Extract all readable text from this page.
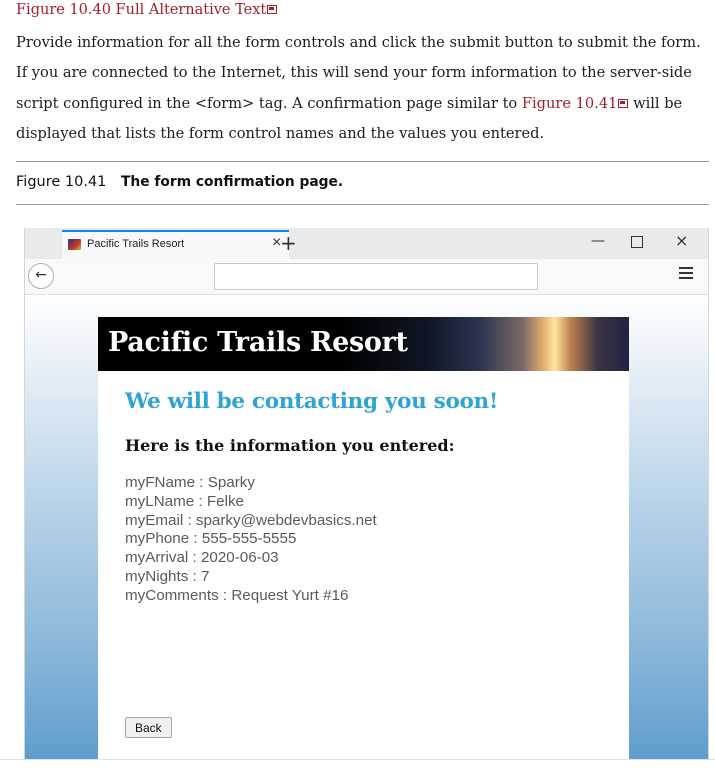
Figure 10.40 Full Alternative Text

Provide information for all the form controls and click the submit button to submit the form. If you are connected to the Internet, this will send your form information to the server-side script configured in the <form> tag. A confirmation page similar to Figure 10.41 will be displayed that lists the form control names and the values you entered.

Figure 10.41 The form confirmation page.
Pacific Trails Resort	×
+	—	×
←
Pacific Trails Resort
We will be contacting you soon!
Here is the information you entered:
myFName : Sparky
myLName : Felke
myEmail : sparky@webdevbasics.net
myPhone : 555-555-5555
myArrival : 2020-06-03
myNights : 7
myComments : Request Yurt #16
Back
